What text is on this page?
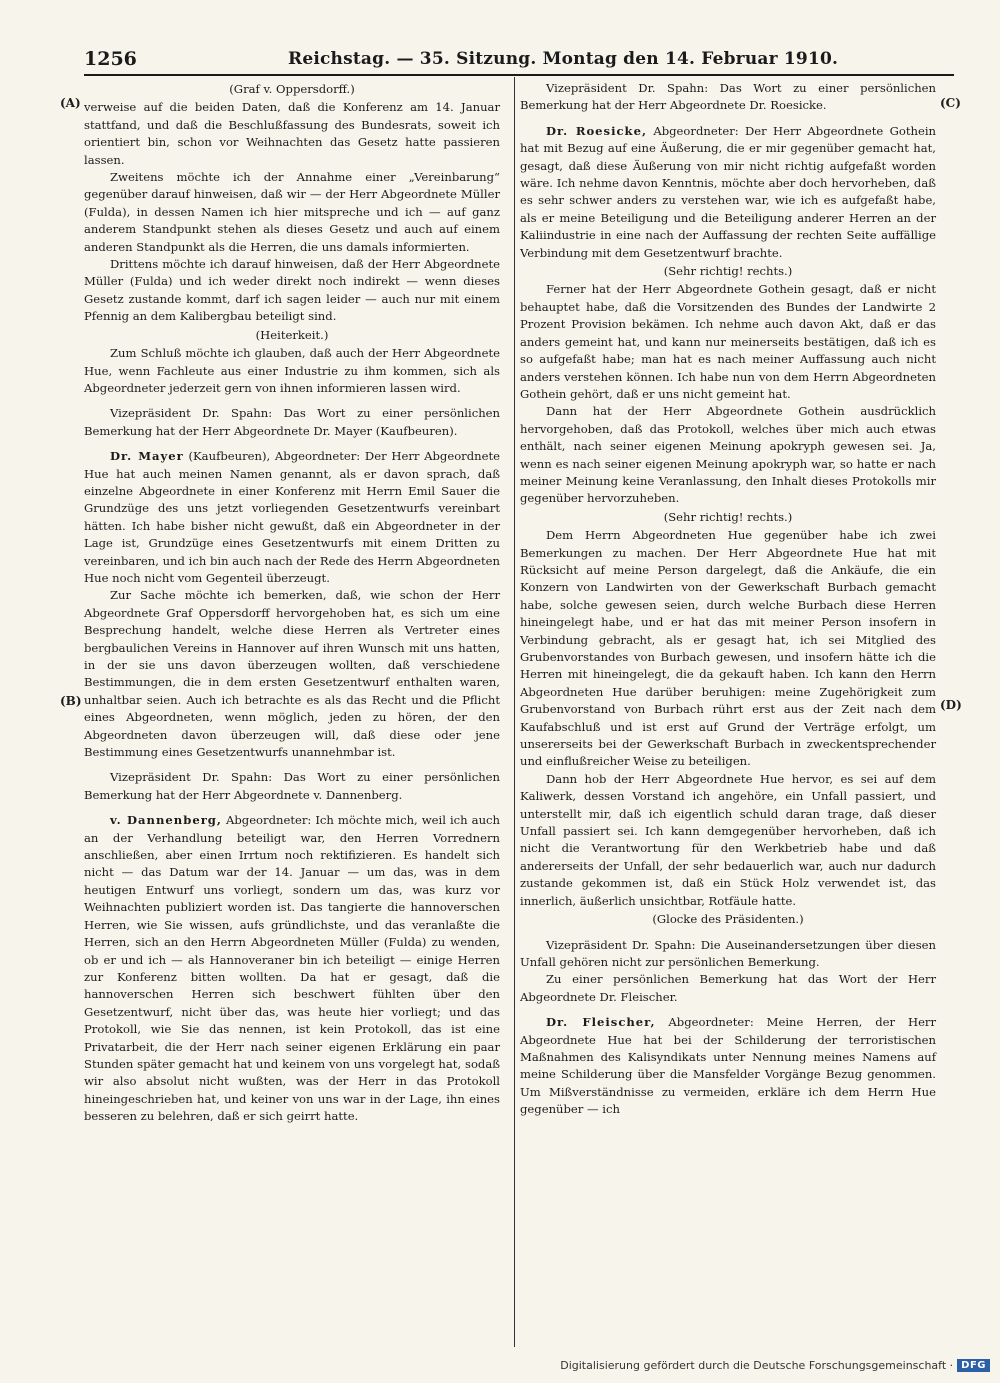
1256	Reichstag. — 35. Sitzung. Montag den 14. Februar 1910.
(A)
(B)
(C)
(D)

(Graf v. Oppersdorff.)

verweise auf die beiden Daten, daß die Konferenz am 14. Januar stattfand, und daß die Beschlußfassung des Bundesrats, soweit ich orientiert bin, schon vor Weihnachten das Gesetz hatte passieren lassen.

Zweitens möchte ich der Annahme einer „Vereinbarung“ gegenüber darauf hinweisen, daß wir — der Herr Abgeordnete Müller (Fulda), in dessen Namen ich hier mitspreche und ich — auf ganz anderem Standpunkt stehen als dieses Gesetz und auch auf einem anderen Standpunkt als die Herren, die uns damals informierten.

Drittens möchte ich darauf hinweisen, daß der Herr Abgeordnete Müller (Fulda) und ich weder direkt noch indirekt — wenn dieses Gesetz zustande kommt, darf ich sagen leider — auch nur mit einem Pfennig an dem Kalibergbau beteiligt sind.

(Heiterkeit.)

Zum Schluß möchte ich glauben, daß auch der Herr Abgeordnete Hue, wenn Fachleute aus einer Industrie zu ihm kommen, sich als Abgeordneter jederzeit gern von ihnen informieren lassen wird.

Vizepräsident Dr. Spahn: Das Wort zu einer persönlichen Bemerkung hat der Herr Abgeordnete Dr. Mayer (Kaufbeuren).

Dr. Mayer (Kaufbeuren), Abgeordneter: Der Herr Abgeordnete Hue hat auch meinen Namen genannt, als er davon sprach, daß einzelne Abgeordnete in einer Konferenz mit Herrn Emil Sauer die Grundzüge des uns jetzt vorliegenden Gesetzentwurfs vereinbart hätten. Ich habe bisher nicht gewußt, daß ein Abgeordneter in der Lage ist, Grundzüge eines Gesetzentwurfs mit einem Dritten zu vereinbaren, und ich bin auch nach der Rede des Herrn Abgeordneten Hue noch nicht vom Gegenteil überzeugt.

Zur Sache möchte ich bemerken, daß, wie schon der Herr Abgeordnete Graf Oppersdorff hervorgehoben hat, es sich um eine Besprechung handelt, welche diese Herren als Vertreter eines bergbaulichen Vereins in Hannover auf ihren Wunsch mit uns hatten, in der sie uns davon überzeugen wollten, daß verschiedene Bestimmungen, die in dem ersten Gesetzentwurf enthalten waren, unhaltbar seien. Auch ich betrachte es als das Recht und die Pflicht eines Abgeordneten, wenn möglich, jeden zu hören, der den Abgeordneten davon überzeugen will, daß diese oder jene Bestimmung eines Gesetzentwurfs unannehmbar ist.

Vizepräsident Dr. Spahn: Das Wort zu einer persönlichen Bemerkung hat der Herr Abgeordnete v. Dannenberg.

v. Dannenberg, Abgeordneter: Ich möchte mich, weil ich auch an der Verhandlung beteiligt war, den Herren Vorrednern anschließen, aber einen Irrtum noch rektifizieren. Es handelt sich nicht — das Datum war der 14. Januar — um das, was in dem heutigen Entwurf uns vorliegt, sondern um das, was kurz vor Weihnachten publiziert worden ist. Das tangierte die hannoverschen Herren, wie Sie wissen, aufs gründlichste, und das veranlaßte die Herren, sich an den Herrn Abgeordneten Müller (Fulda) zu wenden, ob er und ich — als Hannoveraner bin ich beteiligt — einige Herren zur Konferenz bitten wollten. Da hat er gesagt, daß die hannoverschen Herren sich beschwert fühlten über den Gesetzentwurf, nicht über das, was heute hier vorliegt; und das Protokoll, wie Sie das nennen, ist kein Protokoll, das ist eine Privatarbeit, die der Herr nach seiner eigenen Erklärung ein paar Stunden später gemacht hat und keinem von uns vorgelegt hat, sodaß wir also absolut nicht wußten, was der Herr in das Protokoll hineingeschrieben hat, und keiner von uns war in der Lage, ihn eines besseren zu belehren, daß er sich geirrt hatte.

Vizepräsident Dr. Spahn: Das Wort zu einer persönlichen Bemerkung hat der Herr Abgeordnete Dr. Roesicke.

Dr. Roesicke, Abgeordneter: Der Herr Abgeordnete Gothein hat mit Bezug auf eine Äußerung, die er mir gegenüber gemacht hat, gesagt, daß diese Äußerung von mir nicht richtig aufgefaßt worden wäre. Ich nehme davon Kenntnis, möchte aber doch hervorheben, daß es sehr schwer anders zu verstehen war, wie ich es aufgefaßt habe, als er meine Beteiligung und die Beteiligung anderer Herren an der Kaliindustrie in eine nach der Auffassung der rechten Seite auffällige Verbindung mit dem Gesetzentwurf brachte.

(Sehr richtig! rechts.)

Ferner hat der Herr Abgeordnete Gothein gesagt, daß er nicht behauptet habe, daß die Vorsitzenden des Bundes der Landwirte 2 Prozent Provision bekämen. Ich nehme auch davon Akt, daß er das anders gemeint hat, und kann nur meinerseits bestätigen, daß ich es so aufgefaßt habe; man hat es nach meiner Auffassung auch nicht anders verstehen können. Ich habe nun von dem Herrn Abgeordneten Gothein gehört, daß er uns nicht gemeint hat.

Dann hat der Herr Abgeordnete Gothein ausdrücklich hervorgehoben, daß das Protokoll, welches über mich auch etwas enthält, nach seiner eigenen Meinung apokryph gewesen sei. Ja, wenn es nach seiner eigenen Meinung apokryph war, so hatte er nach meiner Meinung keine Veranlassung, den Inhalt dieses Protokolls mir gegenüber hervorzuheben.

(Sehr richtig! rechts.)

Dem Herrn Abgeordneten Hue gegenüber habe ich zwei Bemerkungen zu machen. Der Herr Abgeordnete Hue hat mit Rücksicht auf meine Person dargelegt, daß die Ankäufe, die ein Konzern von Landwirten von der Gewerkschaft Burbach gemacht habe, solche gewesen seien, durch welche Burbach diese Herren hineingelegt habe, und er hat das mit meiner Person insofern in Verbindung gebracht, als er gesagt hat, ich sei Mitglied des Grubenvorstandes von Burbach gewesen, und insofern hätte ich die Herren mit hineingelegt, die da gekauft haben. Ich kann den Herrn Abgeordneten Hue darüber beruhigen: meine Zugehörigkeit zum Grubenvorstand von Burbach rührt erst aus der Zeit nach dem Kaufabschluß und ist erst auf Grund der Verträge erfolgt, um unsererseits bei der Gewerkschaft Burbach in zweckentsprechender und einflußreicher Weise zu beteiligen.

Dann hob der Herr Abgeordnete Hue hervor, es sei auf dem Kaliwerk, dessen Vorstand ich angehöre, ein Unfall passiert, und unterstellt mir, daß ich eigentlich schuld daran trage, daß dieser Unfall passiert sei. Ich kann demgegenüber hervorheben, daß ich nicht die Verantwortung für den Werkbetrieb habe und daß andererseits der Unfall, der sehr bedauerlich war, auch nur dadurch zustande gekommen ist, daß ein Stück Holz verwendet ist, das innerlich, äußerlich unsichtbar, Rotfäule hatte.

(Glocke des Präsidenten.)

Vizepräsident Dr. Spahn: Die Auseinandersetzungen über diesen Unfall gehören nicht zur persönlichen Bemerkung.

Zu einer persönlichen Bemerkung hat das Wort der Herr Abgeordnete Dr. Fleischer.

Dr. Fleischer, Abgeordneter: Meine Herren, der Herr Abgeordnete Hue hat bei der Schilderung der terroristischen Maßnahmen des Kalisyndikats unter Nennung meines Namens auf meine Schilderung über die Mansfelder Vorgänge Bezug genommen. Um Mißverständnisse zu vermeiden, erkläre ich dem Herrn Hue gegenüber — ich

Digitalisierung gefördert durch die Deutsche Forschungsgemeinschaft · DFG
